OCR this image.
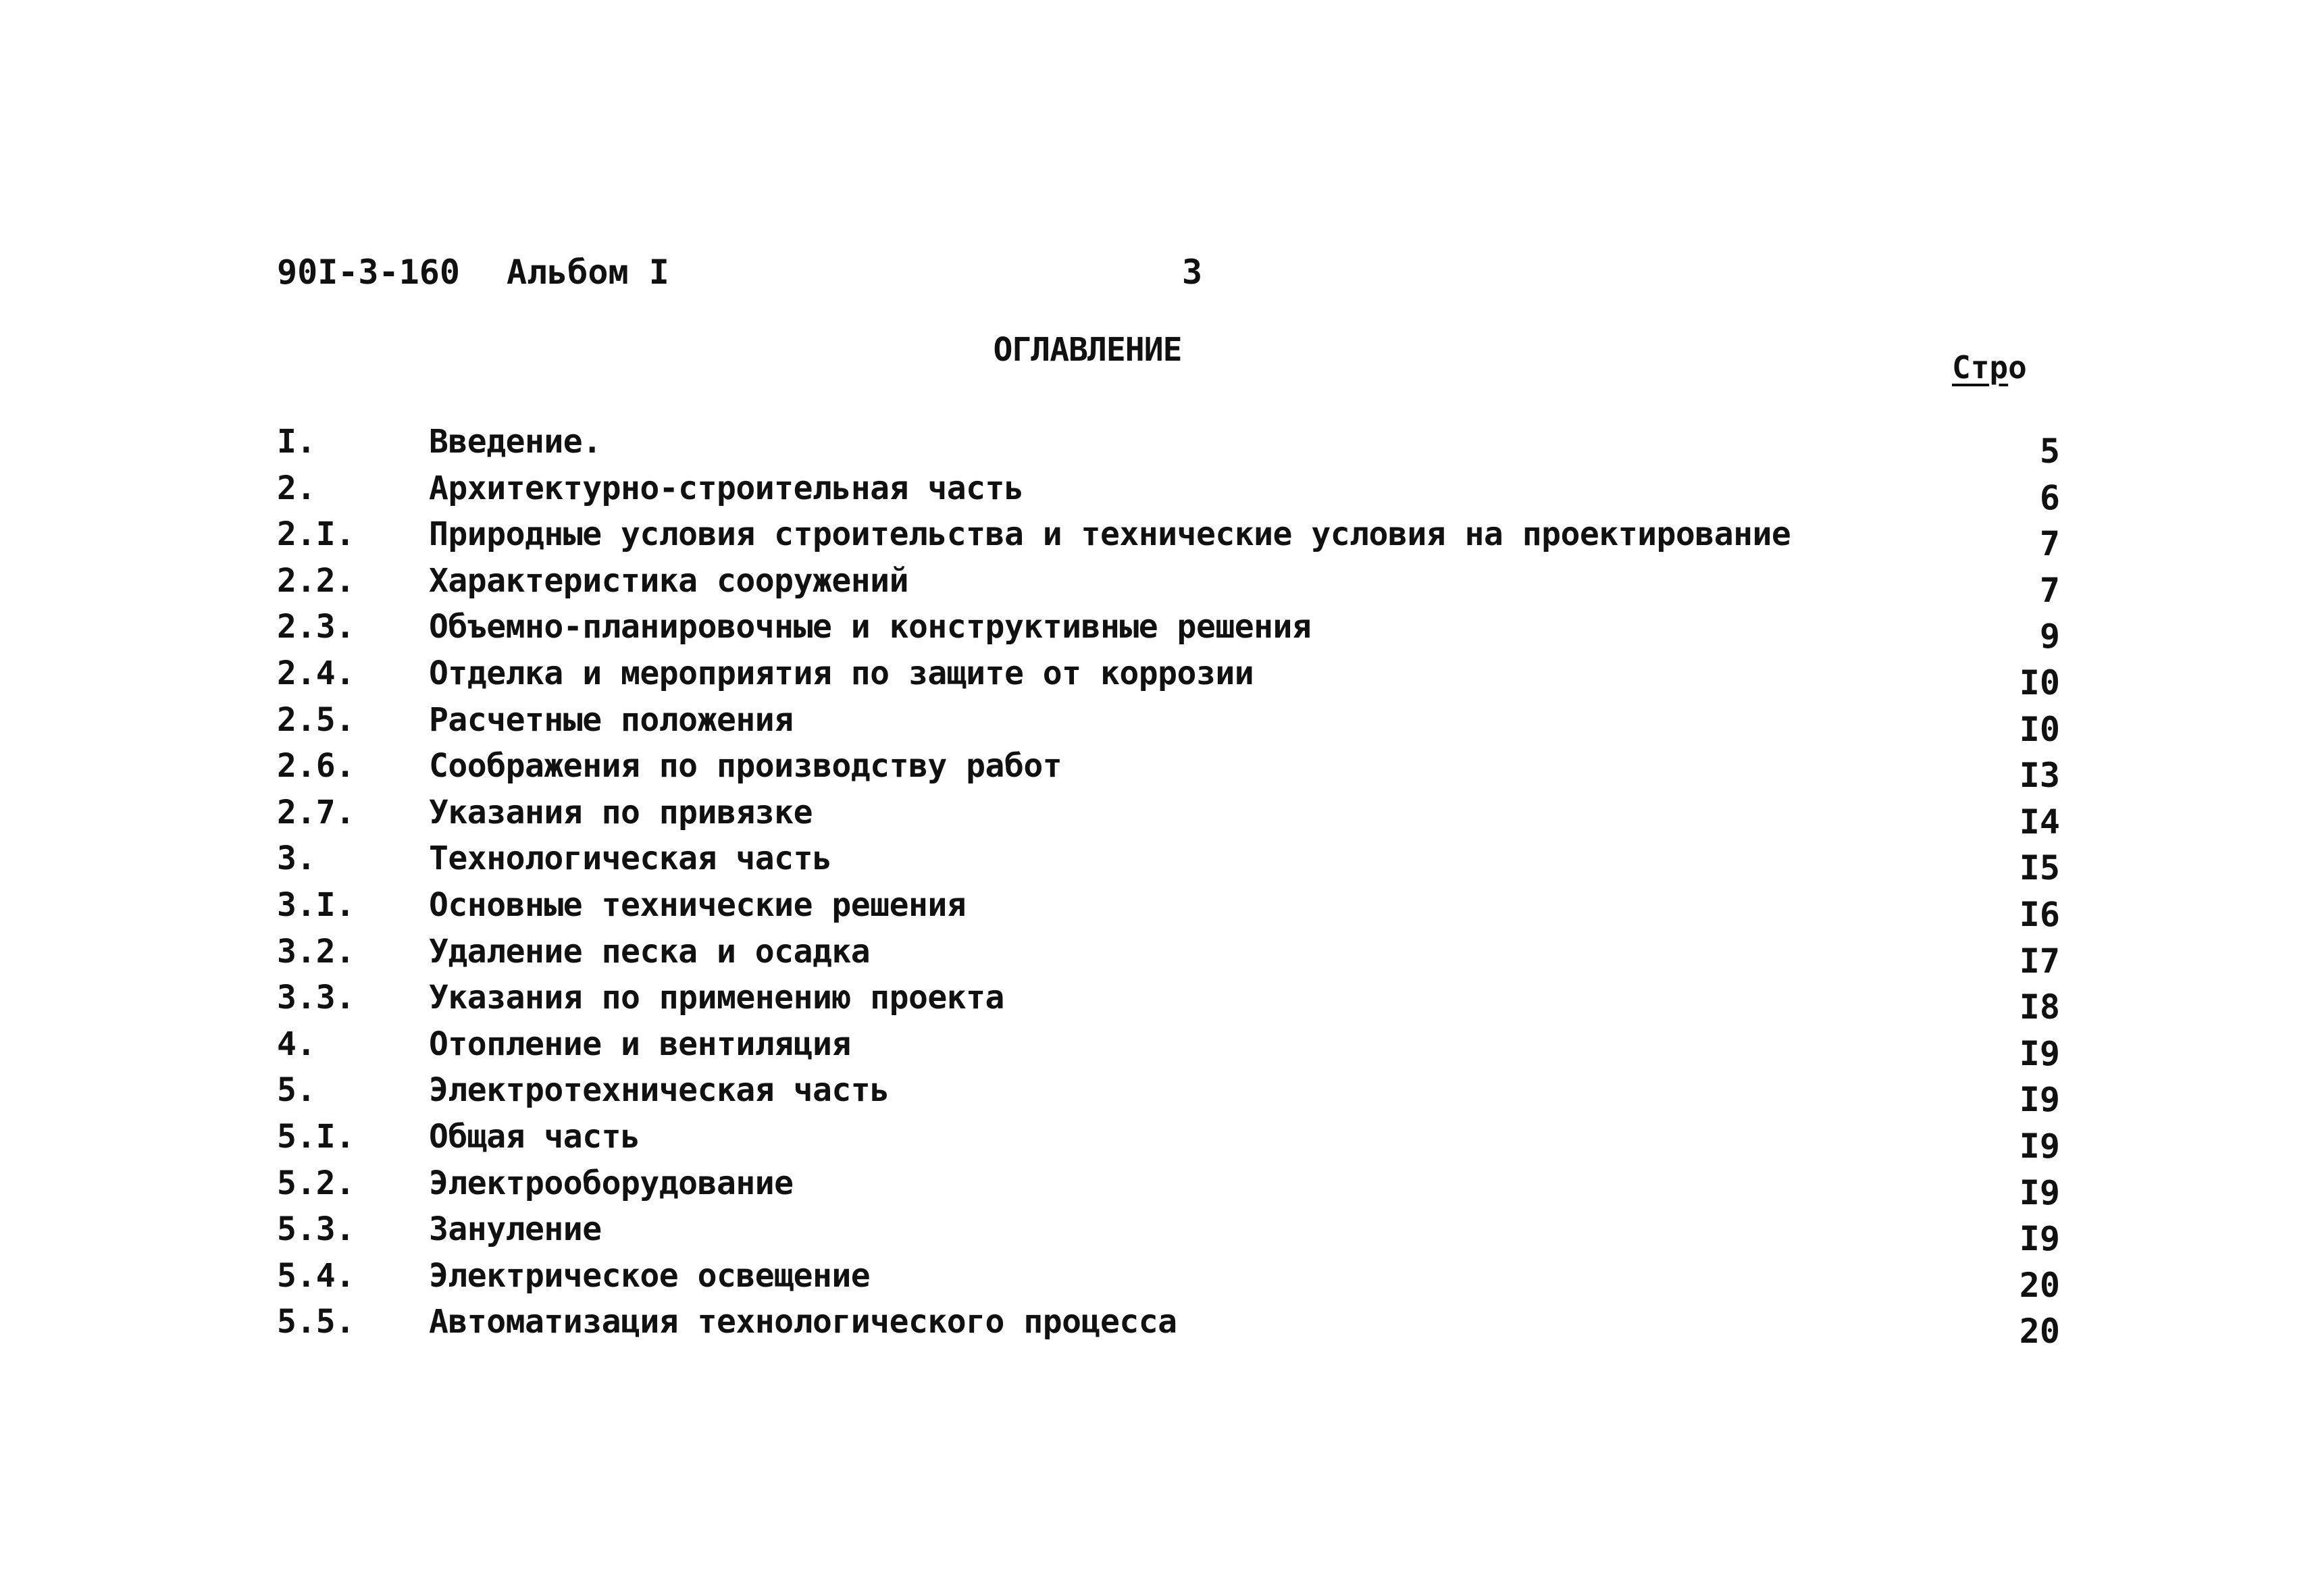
90I-3-160 Альбом I	3
ОГЛАВЛЕНИЕ	Стро
I.	Введение.	5
2.	Архитектурно-строительная часть	6
2.I.	Природные условия строительства и технические условия на проектирование	7
2.2.	Характеристика сооружений	7
2.3.	Объемно-планировочные и конструктивные решения	9
2.4.	Отделка и мероприятия по защите от коррозии	I0
2.5.	Расчетные положения	I0
2.6.	Соображения по производству работ	I3
2.7.	Указания по привязке	I4
3.	Технологическая часть	I5
3.I.	Основные технические решения	I6
3.2.	Удаление песка и осадка	I7
3.3.	Указания по применению проекта	I8
4.	Отопление и вентиляция	I9
5.	Электротехническая часть	I9
5.I.	Общая часть	I9
5.2.	Электрооборудование	I9
5.3.	Зануление	I9
5.4.	Электрическое освещение	20
5.5.	Автоматизация технологического процесса	20
